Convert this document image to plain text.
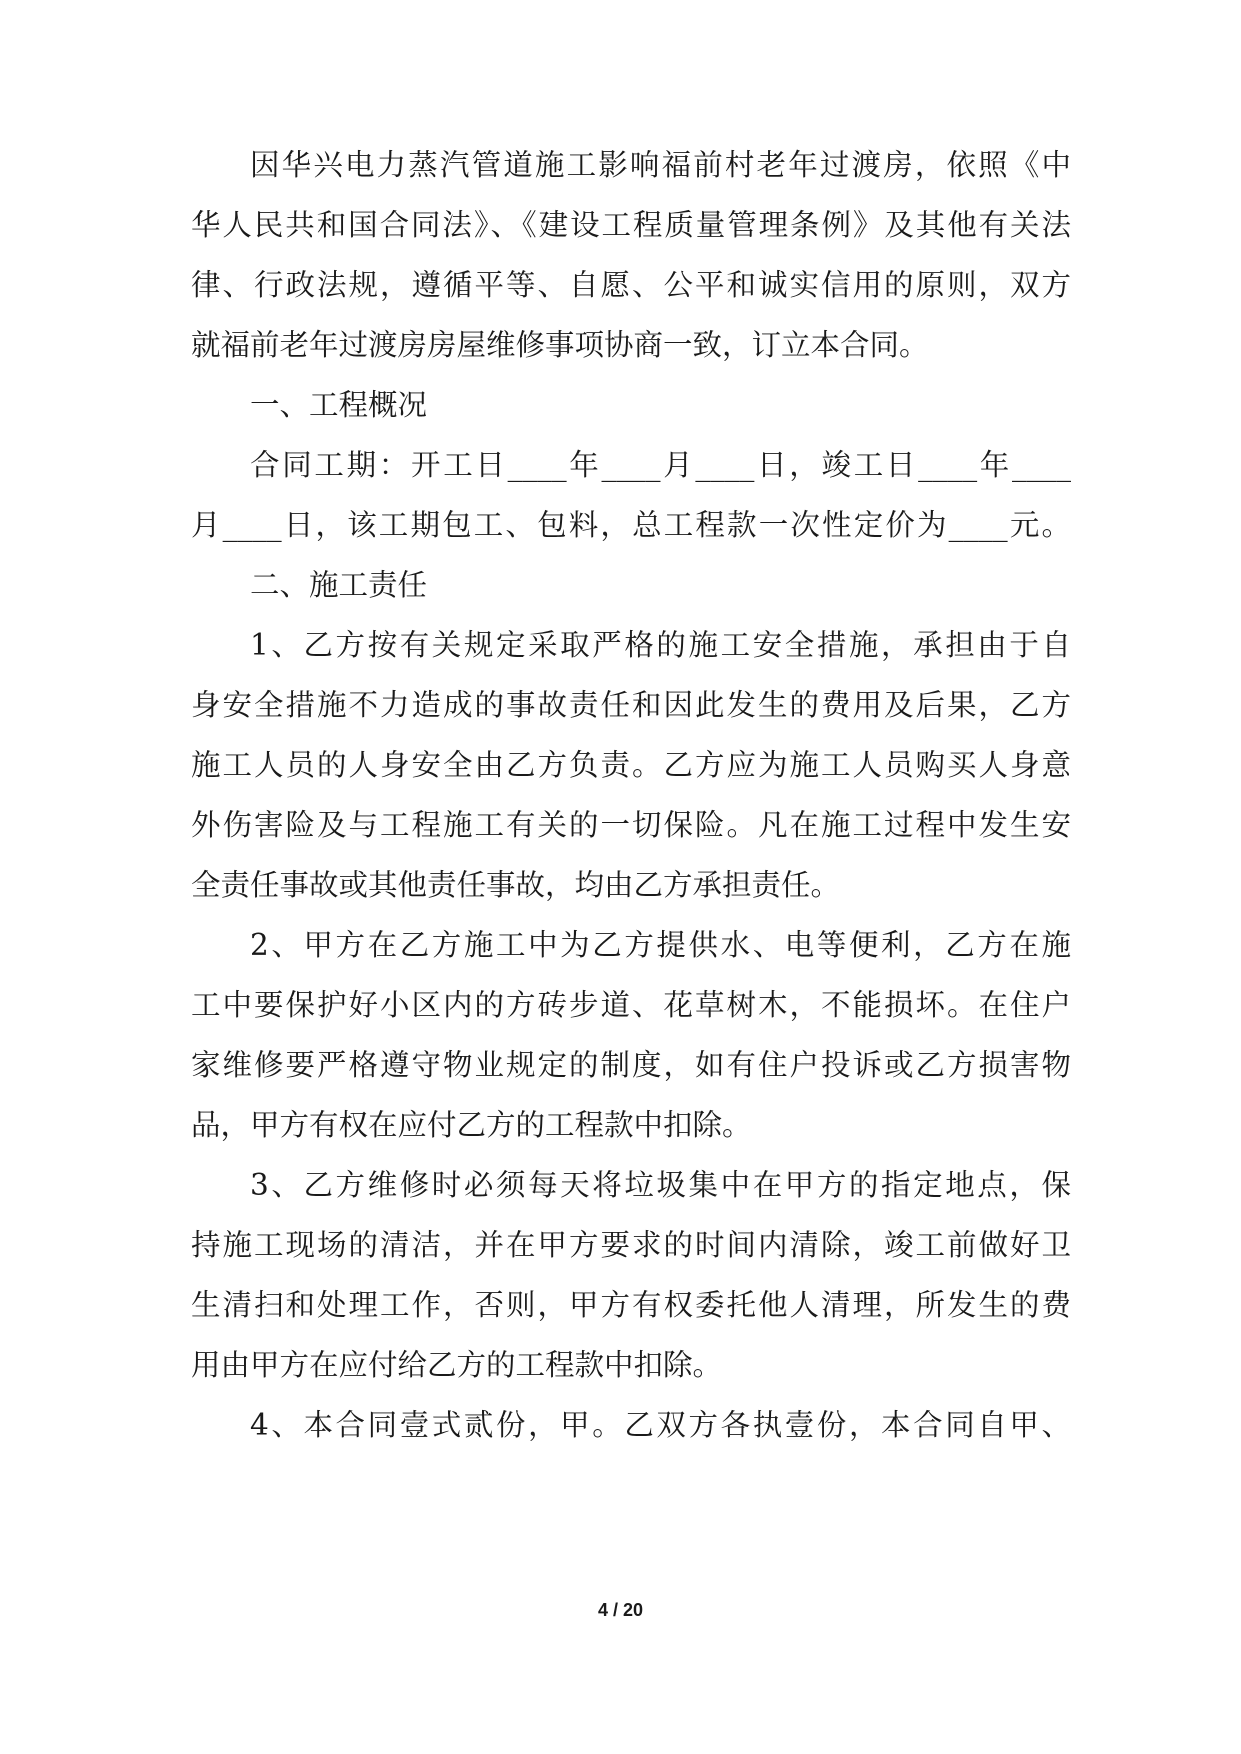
因华兴电力蒸汽管道施工影响福前村老年过渡房，依照《中
华人民共和国合同法》、《建设工程质量管理条例》及其他有关法
律、行政法规，遵循平等、自愿、公平和诚实信用的原则，双方
就福前老年过渡房房屋维修事项协商一致，订立本合同。
一、工程概况
合同工期：开工日____年____月____日，竣工日____年____
月____日，该工期包工、包料，总工程款一次性定价为____元。
二、施工责任
1、乙方按有关规定采取严格的施工安全措施，承担由于自
身安全措施不力造成的事故责任和因此发生的费用及后果，乙方
施工人员的人身安全由乙方负责。乙方应为施工人员购买人身意
外伤害险及与工程施工有关的一切保险。凡在施工过程中发生安
全责任事故或其他责任事故，均由乙方承担责任。
2、甲方在乙方施工中为乙方提供水、电等便利，乙方在施
工中要保护好小区内的方砖步道、花草树木，不能损坏。在住户
家维修要严格遵守物业规定的制度，如有住户投诉或乙方损害物
品，甲方有权在应付乙方的工程款中扣除。
3、乙方维修时必须每天将垃圾集中在甲方的指定地点，保
持施工现场的清洁，并在甲方要求的时间内清除，竣工前做好卫
生清扫和处理工作，否则，甲方有权委托他人清理，所发生的费
用由甲方在应付给乙方的工程款中扣除。
4、本合同壹式贰份，甲。乙双方各执壹份，本合同自甲、
4 / 20
